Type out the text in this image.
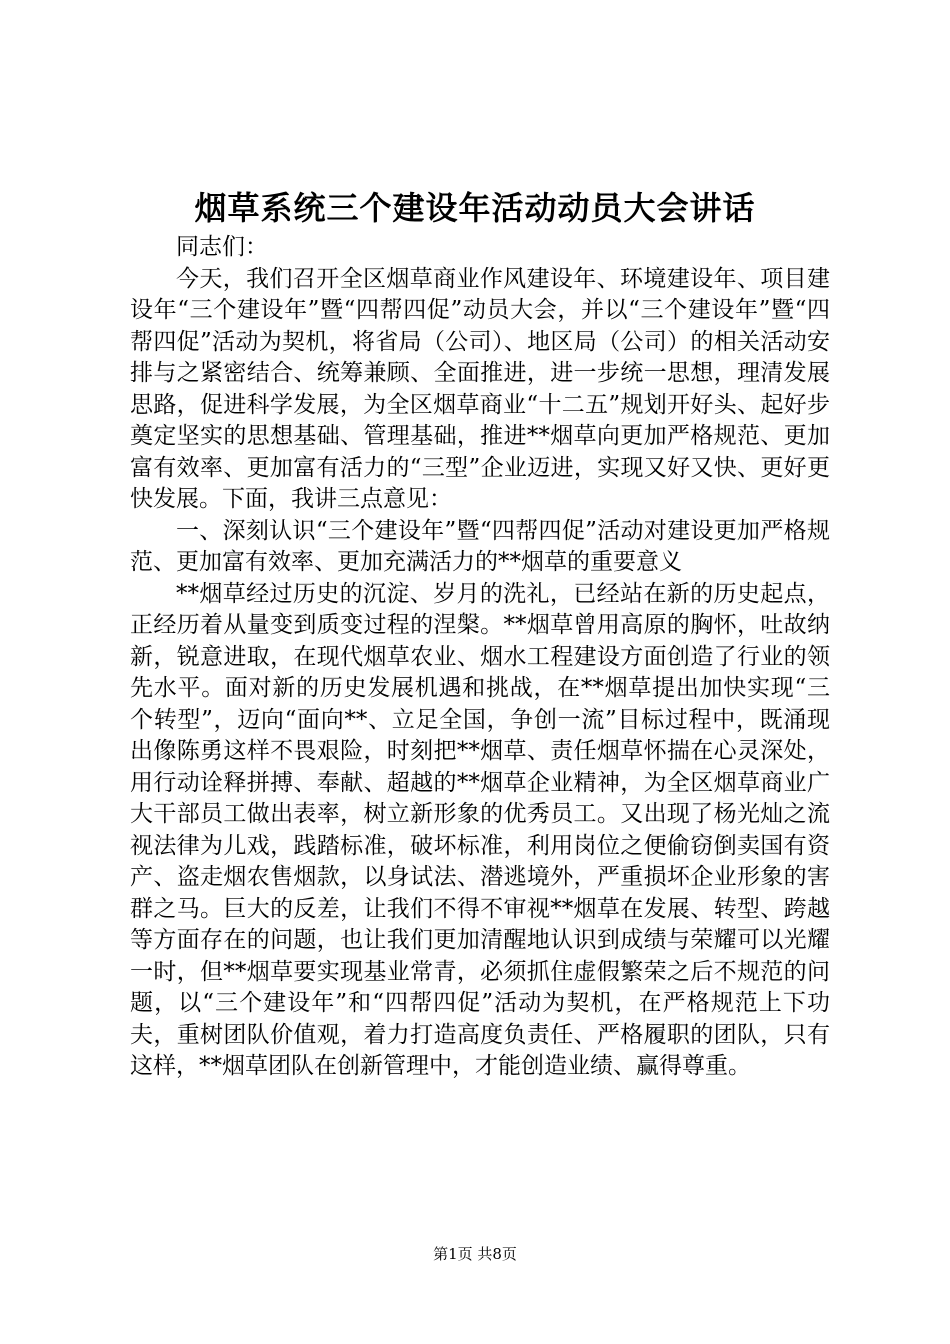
烟草系统三个建设年活动动员大会讲话

同志们：

今天，我们召开全区烟草商业作风建设年、环境建设年、项目建设年“三个建设年”暨“四帮四促”动员大会，并以“三个建设年”暨“四帮四促”活动为契机，将省局（公司）、地区局（公司）的相关活动安排与之紧密结合、统筹兼顾、全面推进，进一步统一思想，理清发展思路，促进科学发展，为全区烟草商业“十二五”规划开好头、起好步奠定坚实的思想基础、管理基础，推进**烟草向更加严格规范、更加富有效率、更加富有活力的“三型”企业迈进，实现又好又快、更好更快发展。下面，我讲三点意见：

一、深刻认识“三个建设年”暨“四帮四促”活动对建设更加严格规范、更加富有效率、更加充满活力的**烟草的重要意义

**烟草经过历史的沉淀、岁月的洗礼，已经站在新的历史起点，正经历着从量变到质变过程的涅槃。**烟草曾用高原的胸怀，吐故纳新，锐意进取，在现代烟草农业、烟水工程建设方面创造了行业的领先水平。面对新的历史发展机遇和挑战，在**烟草提出加快实现“三个转型”，迈向“面向**、立足全国，争创一流”目标过程中，既涌现出像陈勇这样不畏艰险，时刻把**烟草、责任烟草怀揣在心灵深处，用行动诠释拼搏、奉献、超越的**烟草企业精神，为全区烟草商业广大干部员工做出表率，树立新形象的优秀员工。又出现了杨光灿之流视法律为儿戏，践踏标准，破坏标准，利用岗位之便偷窃倒卖国有资产、盗走烟农售烟款，以身试法、潜逃境外，严重损坏企业形象的害群之马。巨大的反差，让我们不得不审视**烟草在发展、转型、跨越等方面存在的问题，也让我们更加清醒地认识到成绩与荣耀可以光耀一时，但**烟草要实现基业常青，必须抓住虚假繁荣之后不规范的问题，以“三个建设年”和“四帮四促”活动为契机，在严格规范上下功夫，重树团队价值观，着力打造高度负责任、严格履职的团队，只有这样，**烟草团队在创新管理中，才能创造业绩、赢得尊重。

第1页 共8页
